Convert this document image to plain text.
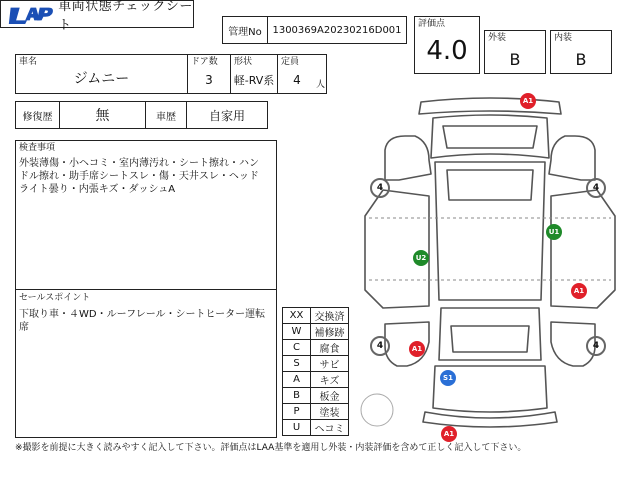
車両状態チェックシート	管理No	1300369A20230216D001
評価点
4.0	外装
B
内装
B
車名
ジムニー
ドア数
3
形状
軽-RV系
定員
4	人
修復歴	無	車歴	自家用
検査事項
外装薄傷・小ヘコミ・室内薄汚れ・シート擦れ・ハンドル擦れ・助手席シートスレ・傷・天井スレ・ヘッドライト曇り・内張キズ・ダッシュA
セールスポイント
下取り車・４WD・ルーフレール・シートヒーター運転席
XX	交換済
W	補修跡
C	腐食
S	サビ
A	キズ
B	板金
P	塗装
U	ヘコミ
4	4
4	4
A1
U1
U2
A1
A1
S1
A1
※撮影を前提に大きく読みやすく記入して下さい。評価点はLAA基準を適用し外装・内装評価を含めて正しく記入して下さい。
